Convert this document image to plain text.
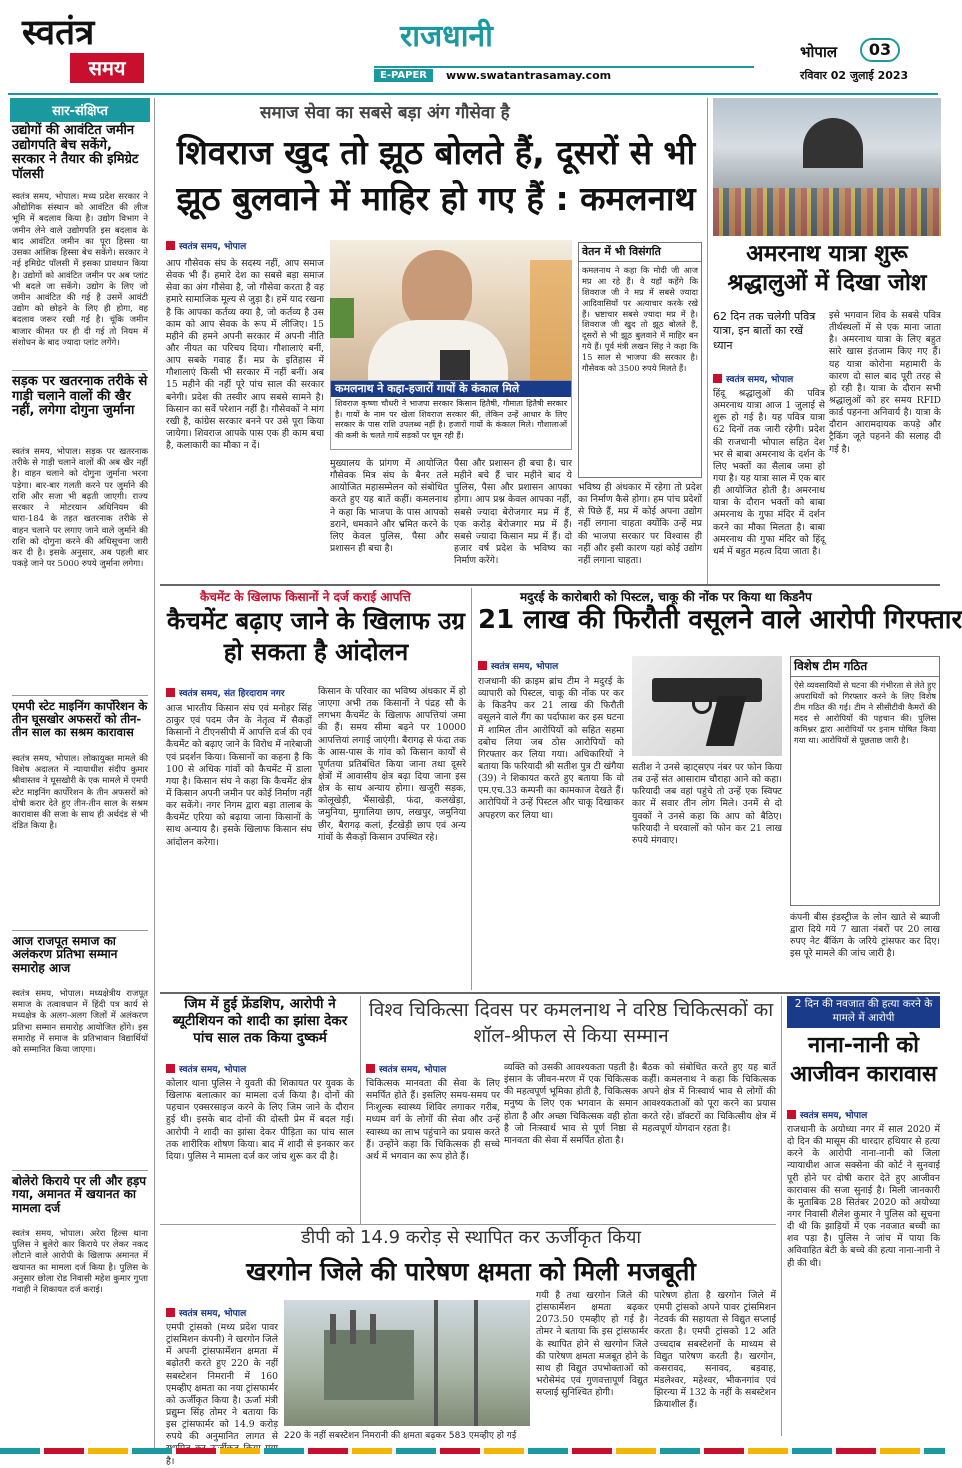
स्वतंत्र
समय
राजधानी
E-PAPER	www.swatantrasamay.com
भोपाल	03
रविवार 02 जुलाई 2023
सार-संक्षिप्त
उद्योगों की आवंटित जमीन उद्योगपति बेच सकेंगे, सरकार ने तैयार की इमिग्रेट पॉलसी
स्वतंत्र समय, भोपाल। मध्य प्रदेश सरकार ने औद्योगिक संस्थान को आवंटित की लीज भूमि में बदलाव किया है। उद्योग विभाग ने जमीन लेने वाले उद्योगपति इस बदलाव के बाद आवंटित जमीन का पूरा हिस्सा या उसका आंशिक हिस्सा बेच सकेंगे। सरकार ने नई इमिग्रेट पॉलसी में इसका प्रावधान किया है। उद्योगों को आवंटित जमीन पर अब प्लांट भी बदले जा सकेंगे। उद्योग के लिए जो जमीन आवंटित की गई है उसमें आवंटी उद्योग को छोड़ने के लिए ही होगा, वह बदलाव जरूर रखी गई है। चूंकि जमीन बाजार कीमत पर ही दी गई तो नियम में संशोधन के बाद ज्यादा प्लांट लगेंगे।
सड़क पर खतरनाक तरीके से गाड़ी चलाने वालों की खैर नहीं, लगेगा दोगुना जुर्माना
स्वतंत्र समय, भोपाल। सड़क पर खतरनाक तरीके से गाड़ी चलाने वालों की अब खैर नहीं है। वाहन चलाने को दोगुना जुर्माना भरना पड़ेगा। बार-बार गलती करने पर जुर्माने की राशि और सजा भी बढ़ती जाएगी। राज्य सरकार ने मोटरयान अधिनियम की धारा-184 के तहत खतरनाक तरीके से वाहन चलाने पर लगाए जाने वाले जुर्माने की राशि को दोगुना करने की अधिसूचना जारी कर दी है। इसके अनुसार, अब पहली बार पकड़े जाने पर 5000 रुपये जुर्माना लगेगा।
एमपी स्टेट माइनिंग कार्पोरेशन के तीन घूसखोर अफसरों को तीन-तीन साल का सश्रम कारावास
स्वतंत्र समय, भोपाल। लोकायुक्त मामले की विशेष अदालत में न्यायाधीश संदीप कुमार श्रीवास्तव ने घूसखोरी के एक मामले में एमपी स्टेट माइनिंग कार्पोरेशन के तीन अफसरों को दोषी करार देते हुए तीन-तीन साल के सश्रम कारावास की सजा के साथ ही अर्थदंड से भी दंडित किया है।
आज राजपूत समाज का अलंकरण प्रतिभा सम्मान समारोह आज
स्वतंत्र समय, भोपाल। मध्यक्षेत्रीय राजपूत समाज के तत्वावधान में हिंदी पत्र कार्य से मध्यक्षेत्र के अलग-अलग जिलों में अलंकरण प्रतिभा सम्मान समारोह आयोजित होंगे। इस समारोह में समाज के प्रतिभावान विद्यार्थियों को सम्मानित किया जाएगा।
बोलेरो किराये पर ली और हड़प गया, अमानत में खयानत का मामला दर्ज
स्वतंत्र समय, भोपाल। अरेरा हिल्स थाना पुलिस ने बुलेरो कार किराये पर लेकर नकद लौटाने वाले आरोपी के खिलाफ अमानत में खयानत का मामला दर्ज किया है। पुलिस के अनुसार छोला रोड निवासी महेश कुमार गुप्ता गवाही ने शिकायत दर्ज कराई।
समाज सेवा का सबसे बड़ा अंग गौसेवा है
शिवराज खुद तो झूठ बोलते हैं, दूसरों से भी झूठ बुलवाने में माहिर हो गए हैं : कमलनाथ
स्वतंत्र समय, भोपाल
आप गौसेवक संघ के सदस्य नहीं, आप समाज सेवक भी हैं। हमारे देश का सबसे बड़ा समाज सेवा का अंग गौसेवा है, जो गौसेवा करता है वह हमारे सामाजिक मूल्य से जुड़ा है। हमें याद रखना है कि आपका कर्तव्य क्या है, जो कर्तव्य है उस काम को आप सेवक के रूप में लीजिए। 15 महीने की हमने अपनी सरकार में अपनी नीति और नीयत का परिचय दिया। गौशालाएं बनीं, आप सबके गवाह हैं। मप्र के इतिहास में गौशालाएं किसी भी सरकार में नहीं बनीं। अब 15 महीने की नहीं पूरे पांच साल की सरकार बनेगी। प्रदेश की तस्वीर आप सबसे सामने है। किसान का सर्वे परेशान नहीं है। गौसेवकों ने मांग रखी है, कांग्रेस सरकार बनने पर उसे पूरा किया जायेगा। शिवराज आपके पास एक ही काम बचा है, कलाकारी का मौका न दें।
कमलनाथ ने कहा-हजारों गायों के कंकाल मिले
शिवराज कृष्णा चौधरी ने भाजपा सरकार किसान हितैषी, गौमाता हितैषी सरकार है। गायों के नाम पर खेला शिवराज सरकार की, लेकिन उन्हें आधार के लिए सरकार के पास राशि उपलब्ध नहीं है। हजारों गायों के कंकाल मिले। गौशालाओं की कमी के चलते गायें सड़कों पर घूम रही हैं।
मुख्यालय के प्रांगण में आयोजित गौसेवक मित्र संघ के बैनर तले आयोजित महासम्मेलन को संबोधित करते हुए यह बातें कहीं। कमलनाथ ने कहा कि भाजपा के पास आपको डराने, धमकाने और भ्रमित करने के लिए केवल पुलिस, पैसा और प्रशासन ही बचा है।
पैसा और प्रशासन ही बचा है। चार महीने बचे हैं चार महीने बाद ये पुलिस, पैसा और प्रशासन आपका होगा। आप प्रश्न केवल आपका नहीं, सबसे ज्यादा बेरोजगार मप्र में हैं, एक करोड़ बेरोजगार मप्र में हैं। सबसे ज्यादा किसान मप्र में हैं। दो हजार वर्ष प्रदेश के भविष्य का निर्माण करेंगे।
वेतन में भी विसंगति
कमलनाथ ने कहा कि मोदी जी आज मप्र आ रहे हैं। वे यहाँ कहेंगे कि शिवराज जी ने मप्र में सबसे ज्यादा आदिवासियों पर अत्याचार करके रखे हैं। भ्रष्टाचार सबसे ज्यादा मप्र में है। शिवराज जी खुद तो झूठ बोलते हैं, दूसरों से भी झूठ बुलवाने में माहिर बन गये हैं। पूर्व मंत्री लखन सिंह ने कहा कि 15 साल से भाजपा की सरकार है। गौसेवक को 3500 रुपये मिलते हैं।
भविष्य ही अंधकार में रहेगा तो प्रदेश का निर्माण कैसे होगा। हम पांच प्रदेशों से पिछे हैं, मप्र में कोई अपना उद्योग नहीं लगाना चाहता क्योंकि उन्हें मप्र की भाजपा सरकार पर विश्वास ही नहीं और इसी कारण यहां कोई उद्योग नहीं लगाना चाहता।
अमरनाथ यात्रा शुरू श्रद्धालुओं में दिखा जोश
62 दिन तक चलेगी पवित्र यात्रा, इन बातों का रखें ध्यान
स्वतंत्र समय, भोपाल
हिंदू श्रद्धालुओं की पवित्र अमरनाथ यात्रा आज 1 जुलाई से शुरू हो गई है। यह पवित्र यात्रा 62 दिनों तक जारी रहेगी। प्रदेश की राजधानी भोपाल सहित देश भर से बाबा अमरनाथ के दर्शन के लिए भक्तों का सैलाब जमा हो गया है। यह यात्रा साल में एक बार ही आयोजित होती है। अमरनाथ यात्रा के दौरान भक्तों को बाबा अमरनाथ के गुफा मंदिर में दर्शन करने का मौका मिलता है। बाबा अमरनाथ की गुफा मंदिर को हिंदू धर्म में बहुत महत्व दिया जाता है।
इसे भगवान शिव के सबसे पवित्र तीर्थस्थलों में से एक माना जाता है। अमरनाथ यात्रा के लिए बहुत सारे खास इंतजाम किए गए हैं। यह यात्रा कोरोना महामारी के कारण दो साल बाद पूरी तरह से हो रही है। यात्रा के दौरान सभी श्रद्धालुओं को हर समय RFID कार्ड पहनना अनिवार्य है। यात्रा के दौरान आरामदायक कपड़े और ट्रैकिंग जूते पहनने की सलाह दी गई है।
कैचमेंट के खिलाफ किसानों ने दर्ज कराई आपत्ति
कैचमेंट बढ़ाए जाने के खिलाफ उग्र हो सकता है आंदोलन
स्वतंत्र समय, संत हिरदाराम नगर
आज भारतीय किसान संघ एवं मनोहर सिंह ठाकुर एवं पदम जैन के नेतृत्व में सैकड़ों किसानों ने टीएनसीपी में आपत्ति दर्ज की एवं कैचमेंट को बढ़ाए जाने के विरोध में नारेबाजी एवं प्रदर्शन किया। किसानों का कहना है कि 100 से अधिक गांवों को कैचमेंट में डाला गया है। किसान संघ ने कहा कि कैचमेंट क्षेत्र में किसान अपनी जमीन पर कोई निर्माण नहीं कर सकेंगे। नगर निगम द्वारा बड़ा तालाब के कैचमेंट एरिया को बढ़ाया जाना किसानों के साथ अन्याय है। इसके खिलाफ किसान संघ आंदोलन करेगा।
किसान के परिवार का भविष्य अंधकार में हो जाएगा अभी तक किसानों ने पंद्रह सौ के लगभग कैचमेंट के खिलाफ आपत्तियां जमा की हैं। समय सीमा बढ़ने पर 10000 आपत्तियां लगाई जाएंगी। बैरागढ़ से फंदा तक के आस-पास के गांव को किसान कार्यों से पूर्णतया प्रतिबंधित किया जाना तथा दूसरे क्षेत्रों में आवासीय क्षेत्र बढ़ा दिया जाना इस क्षेत्र के साथ अन्याय होगा। खजूरी सड़क, कोलूखेड़ी, भैंसाखेड़ी, फंदा, कलखेड़ा, जमुनिया, मुगालिया छाप, लखपुर, जमुनिया छीर, बैरागढ़ कलां, ईंटखेड़ी छाप एवं अन्य गांवों के सैकड़ों किसान उपस्थित रहे।
मदुरई के कारोबारी को पिस्टल, चाकू की नोंक पर किया था किडनैप
21 लाख की फिरौती वसूलने वाले आरोपी गिरफ्तार
स्वतंत्र समय, भोपाल
राजधानी की क्राइम ब्रांच टीम ने मदुरई के व्यापारी को पिस्टल, चाकू की नोंक पर कर के किडनैप कर 21 लाख की फिरौती वसूलने वाले गैंग का पर्दाफाश कर इस घटना में शामिल तीन आरोपियों को सहित सहमा दबोच लिया जब ठोस आरोपियों को गिरफ्तार कर लिया गया। अधिकारियों ने बताया कि फरियादी श्री सतीश पुत्र टी खंगैया (39) ने शिकायत करते हुए बताया कि वो एम.एच.33 कम्पनी का कामकाज देखते हैं। आरोपियों ने उन्हें पिस्टल और चाकू दिखाकर अपहरण कर लिया था।
सतीश ने उनसे व्हाट्सएप नंबर पर फोन किया तब उन्हें संत आसाराम चौराहा आने को कहा। फरियादी जब वहां पहुंचे तो उन्हें एक स्विफ्ट कार में सवार तीन लोग मिले। उनमें से दो युवकों ने उनसे कहा कि आप को बैठिए। फरियादी ने घरवालों को फोन कर 21 लाख रुपये मंगवाए।
विशेष टीम गठित
ऐसे व्यवसायियों से घटना की गंभीरता से लेते हुए अपराधियों को गिरफ्तार करने के लिए विशेष टीम गठित की गई। टीम ने सीसीटीवी कैमरों की मदद से आरोपियों की पहचान की। पुलिस कमिश्नर द्वारा आरोपियों पर इनाम घोषित किया गया था। आरोपियों से पूछताछ जारी है।
कंपनी बीस इंडस्ट्रीज के लोन खाते से ब्याजी द्वारा दिये गये 7 खाता नंबरों पर 20 लाख रुपए नेट बैंकिंग के जरिये ट्रांसफर कर दिए। इस पूरे मामले की जांच जारी है।
जिम में हुई फ्रेंडशिप, आरोपी ने ब्यूटीशियन को शादी का झांसा देकर पांच साल तक किया दुष्कर्म
स्वतंत्र समय, भोपाल
कोलार थाना पुलिस ने युवती की शिकायत पर युवक के खिलाफ बलात्कार का मामला दर्ज किया है। दोनों की पहचान एक्सरसाइज करने के लिए जिम जाने के दौरान हुई थी। इसके बाद दोनों की दोस्ती प्रेम में बदल गई। आरोपी ने शादी का झांसा देकर पीड़िता का पांच साल तक शारीरिक शोषण किया। बाद में शादी से इनकार कर दिया। पुलिस ने मामला दर्ज कर जांच शुरू कर दी है।
विश्व चिकित्सा दिवस पर कमलनाथ ने वरिष्ठ चिकित्सकों का शॉल-श्रीफल से किया सम्मान
स्वतंत्र समय, भोपाल
चिकित्सक मानवता की सेवा के लिए समर्पित होते हैं। इसलिए समय-समय पर निःशुल्क स्वास्थ्य शिविर लगाकर गरीब, मध्यम वर्ग के लोगों की सेवा और उन्हें स्वास्थ्य का लाभ पहुंचाने का प्रयास करते हैं। उन्होंने कहा कि चिकित्सक ही सच्चे अर्थ में भगवान का रूप होते हैं।
व्यक्ति को उसकी आवश्यकता पड़ती है। इंसान के जीवन-मरण में एक चिकित्सक की महत्वपूर्ण भूमिका होती है, चिकित्सक मनुष्य के लिए एक भगवान के समान होता है और अच्छा चिकित्सक वही होता है जो निःस्वार्थ भाव से पूर्ण निष्ठा से मानवता की सेवा में समर्पित होता है।
बैठक को संबोधित करते हुए यह बातें कहीं। कमलनाथ ने कहा कि चिकित्सक अपने क्षेत्र में निःस्वार्थ भाव से लोगों की आवश्यकताओं को पूरा करने का प्रयास करते रहे। डॉक्टरों का चिकित्सीय क्षेत्र में महत्वपूर्ण योगदान रहता है।
2 दिन की नवजात की हत्या करने के मामले में आरोपी
नाना-नानी को आजीवन कारावास
स्वतंत्र समय, भोपाल
राजधानी के अयोध्या नगर में साल 2020 में दो दिन की मासूम की धारदार हथियार से हत्या करने के आरोपी नाना-नानी को जिला न्यायाधीश आज सक्सेना की कोर्ट ने सुनवाई पूरी होने पर दोषी करार देते हुए आजीवन कारावास की सजा सुनाई है। मिली जानकारी के मुताबिक 28 सितंबर 2020 को अयोध्या नगर निवासी शैलेश कुमार ने पुलिस को सूचना दी थी कि झाड़ियों में एक नवजात बच्ची का शव पड़ा है। पुलिस ने जांच में पाया कि अविवाहित बेटी के बच्चे की हत्या नाना-नानी ने ही की थी।
डीपी को 14.9 करोड़ से स्थापित कर ऊर्जीकृत किया
खरगोन जिले की पारेषण क्षमता को मिली मजबूती
स्वतंत्र समय, भोपाल
एमपी ट्रांसको (मध्य प्रदेश पावर ट्रांसमिशन कंपनी) ने खरगोन जिले में अपनी ट्रांसफार्मेशन क्षमता में बढ़ोतरी करते हुए 220 के नहीं सबस्टेशन निमरानी में 160 एमव्हीए क्षमता का नया ट्रांसफार्मर को ऊर्जीकृत किया है। ऊर्जा मंत्री प्रद्युम्न सिंह तोमर ने बताया कि इस ट्रांसफार्मर को 14.9 करोड़ रुपये की अनुमानित लागत से है।
220 के नहीं सबस्टेशन निमरानी की क्षमता बढ़कर 583 एमव्हीए हो गई
गयी है तथा खरगोन जिले की ट्रांसफार्मेशन क्षमता बढ़कर 2073.50 एमव्हीए हो गई है। तोमर ने बताया कि इस ट्रांसफार्मर के स्थापित होने से खरगोन जिले की पारेषण क्षमता मजबूत होने के साथ ही विद्युत उपभोक्ताओं को भरोसेमंद एवं गुणवत्तापूर्ण विद्युत सप्लाई सुनिश्चित होगी।
पारेषण होता है खरगोन जिले में एमपी ट्रांसको अपने पावर ट्रांसमिशन नेटवर्क की सहायता से विद्युत सप्लाई करता है। एमपी ट्रांसको 12 अति उच्चदाब सबस्टेशनों के माध्यम से विद्युत पारेषण करती है। खरगोन, कसरावद, सनावद, बड़वाह, मंडलेश्वर, महेश्वर, भीकनगांव एवं झिरन्या में 132 के नहीं के सबस्टेशन क्रियाशील हैं।
